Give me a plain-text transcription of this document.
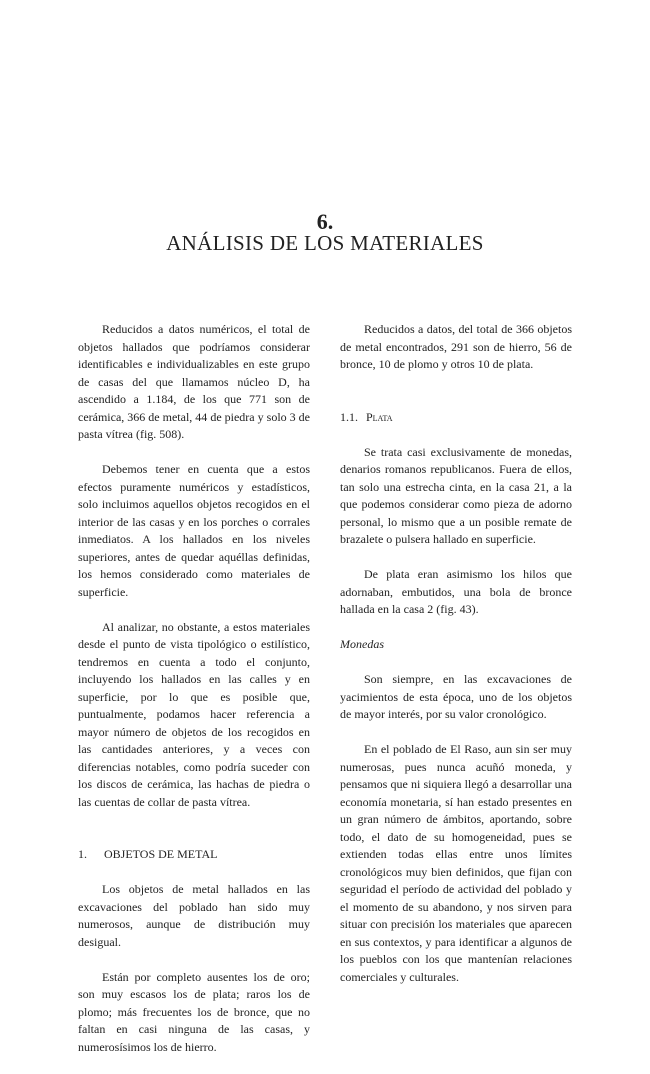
6.
ANÁLISIS DE LOS MATERIALES

Reducidos a datos numéricos, el total de objetos hallados que podríamos considerar identificables e individualizables en este grupo de casas del que llamamos núcleo D, ha ascendido a 1.184, de los que 771 son de cerámica, 366 de metal, 44 de piedra y solo 3 de pasta vítrea (fig. 508).

Debemos tener en cuenta que a estos efectos puramente numéricos y estadísticos, solo incluimos aquellos objetos recogidos en el interior de las casas y en los porches o corrales inmediatos. A los hallados en los niveles superiores, antes de quedar aquéllas definidas, los hemos considerado como materiales de superficie.

Al analizar, no obstante, a estos materiales desde el punto de vista tipológico o estilístico, tendremos en cuenta a todo el conjunto, incluyendo los hallados en las calles y en superficie, por lo que es posible que, puntualmente, podamos hacer referencia a mayor número de objetos de los recogidos en las cantidades anteriores, y a veces con diferencias notables, como podría suceder con los discos de cerámica, las hachas de piedra o las cuentas de collar de pasta vítrea.

1. OBJETOS DE METAL

Los objetos de metal hallados en las excavaciones del poblado han sido muy numerosos, aunque de distribución muy desigual.

Están por completo ausentes los de oro; son muy escasos los de plata; raros los de plomo; más frecuentes los de bronce, que no faltan en casi ninguna de las casas, y numerosísimos los de hierro.

Reducidos a datos, del total de 366 objetos de metal encontrados, 291 son de hierro, 56 de bronce, 10 de plomo y otros 10 de plata.

1.1. Plata

Se trata casi exclusivamente de monedas, denarios romanos republicanos. Fuera de ellos, tan solo una estrecha cinta, en la casa 21, a la que podemos considerar como pieza de adorno personal, lo mismo que a un posible remate de brazalete o pulsera hallado en superficie.

De plata eran asimismo los hilos que adornaban, embutidos, una bola de bronce hallada en la casa 2 (fig. 43).

Monedas

Son siempre, en las excavaciones de yacimientos de esta época, uno de los objetos de mayor interés, por su valor cronológico.

En el poblado de El Raso, aun sin ser muy numerosas, pues nunca acuñó moneda, y pensamos que ni siquiera llegó a desarrollar una economía monetaria, sí han estado presentes en un gran número de ámbitos, aportando, sobre todo, el dato de su homogeneidad, pues se extienden todas ellas entre unos límites cronológicos muy bien definidos, que fijan con seguridad el período de actividad del poblado y el momento de su abandono, y nos sirven para situar con precisión los materiales que aparecen en sus contextos, y para identificar a algunos de los pueblos con los que mantenían relaciones comerciales y culturales.
